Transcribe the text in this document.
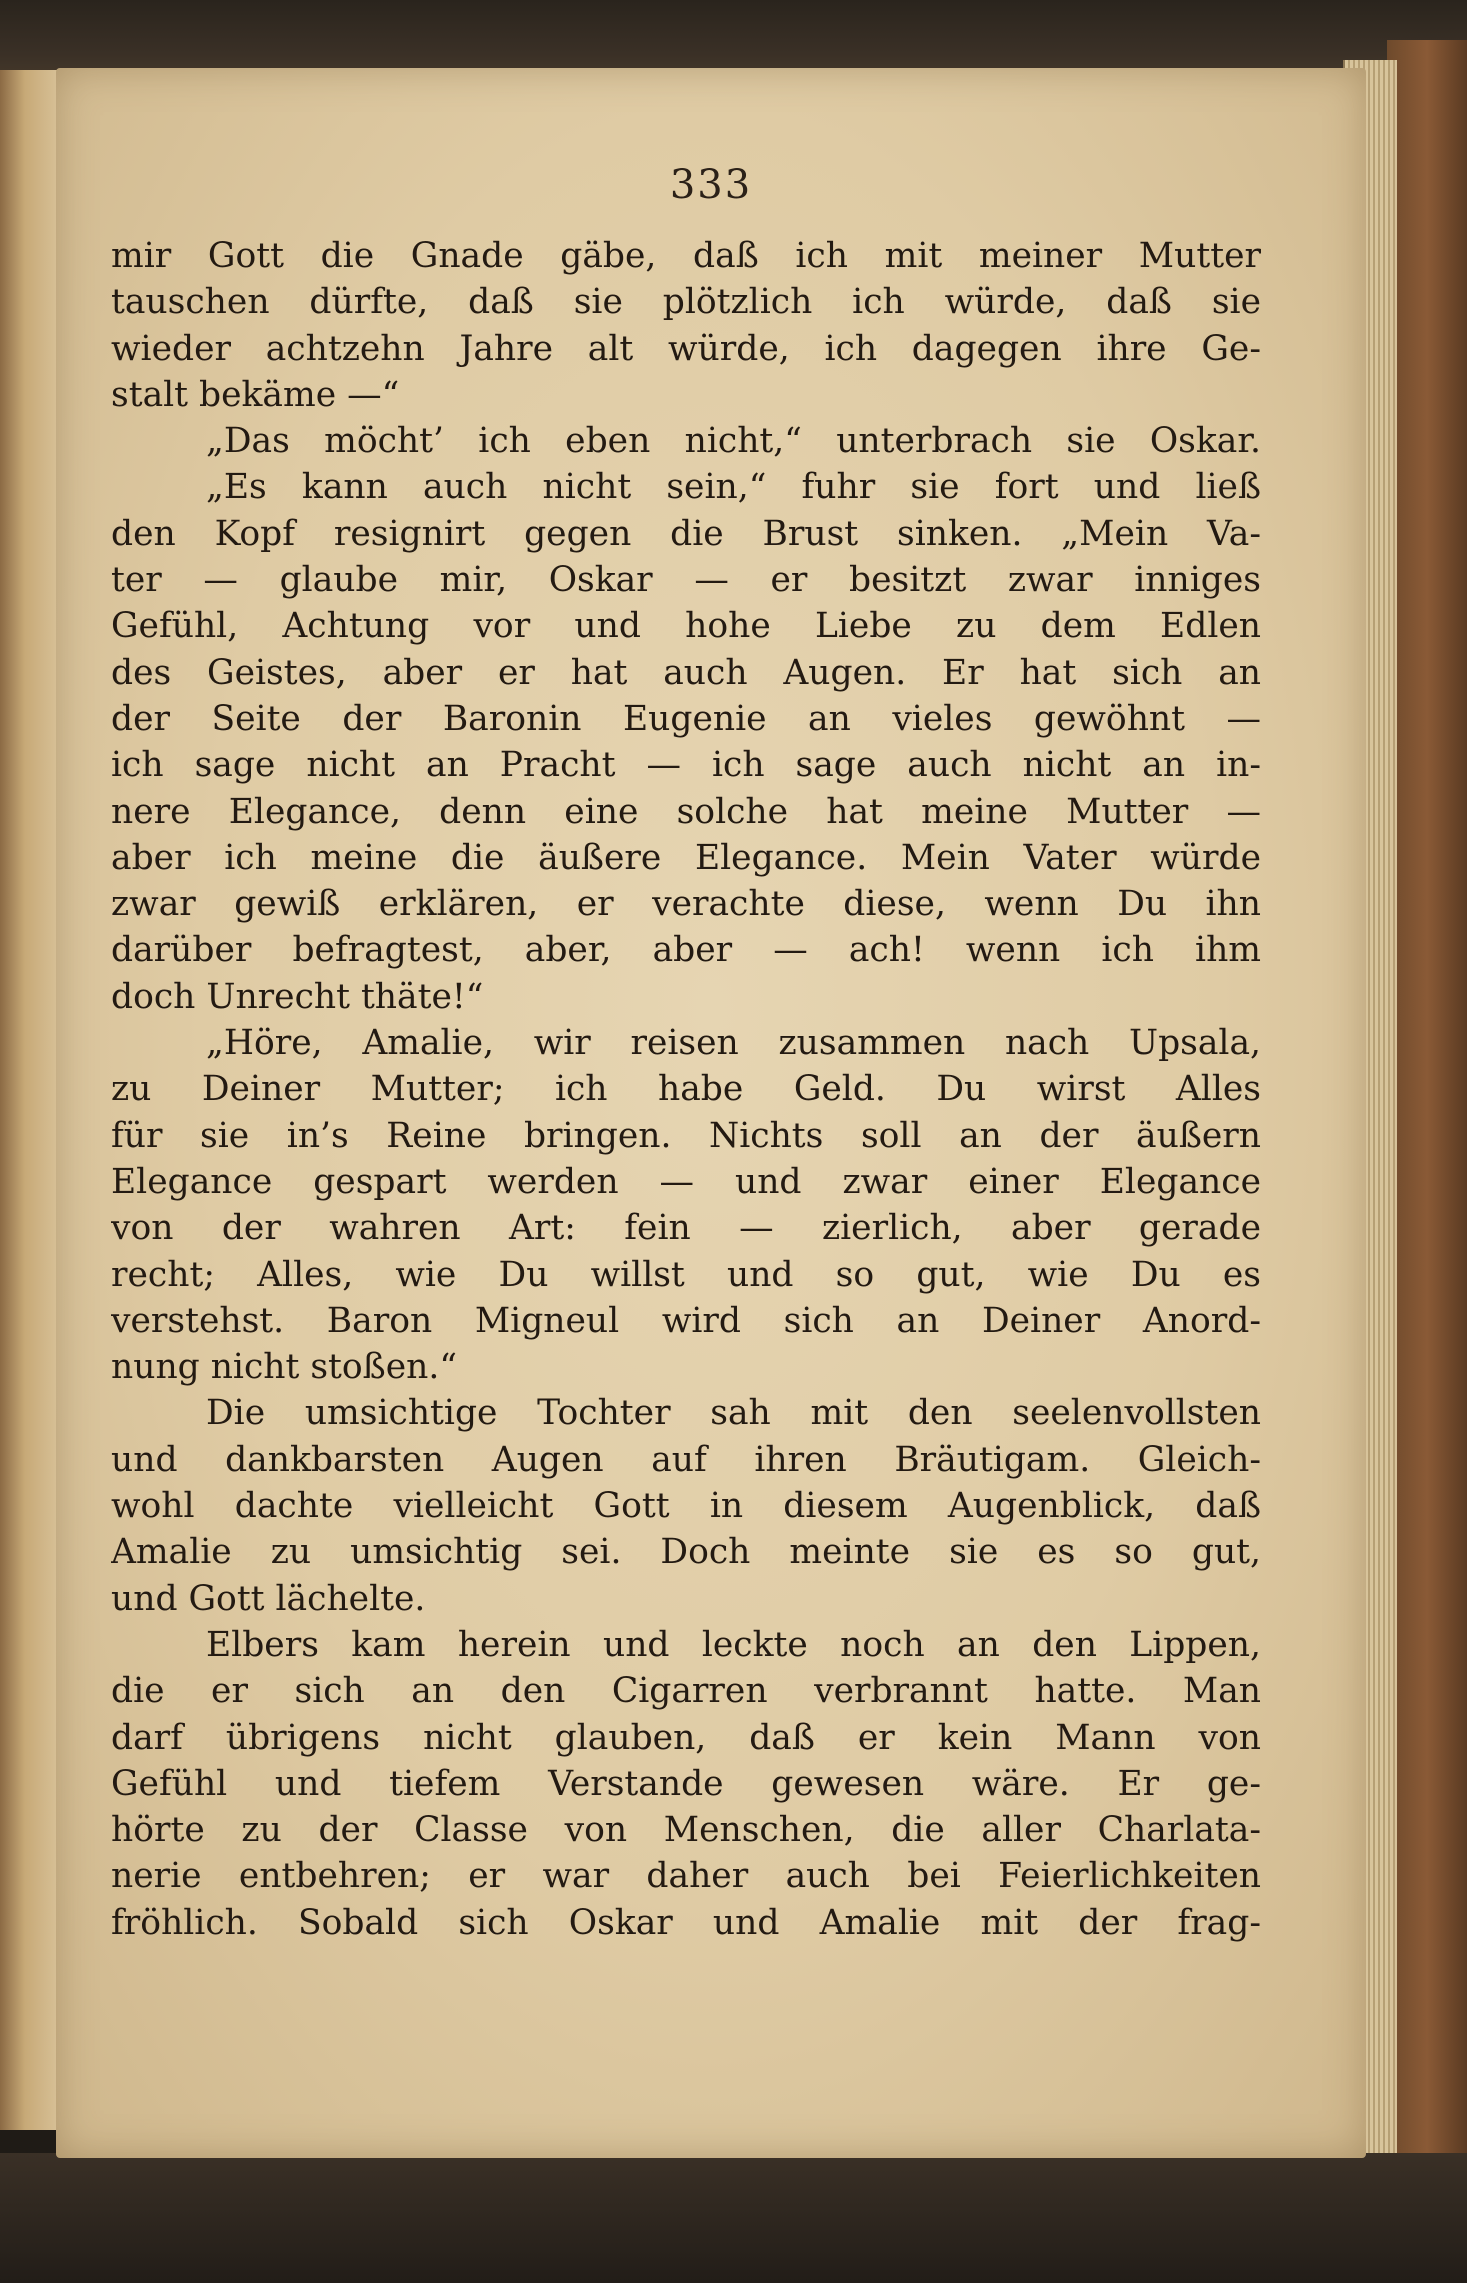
333
mir Gott die Gnade gäbe, daß ich mit meiner Mutter
tauschen dürfte, daß sie plötzlich ich würde, daß sie
wieder achtzehn Jahre alt würde, ich dagegen ihre Ge-
stalt bekäme —“
„Das möcht’ ich eben nicht,“ unterbrach sie Oskar.
„Es kann auch nicht sein,“ fuhr sie fort und ließ
den Kopf resignirt gegen die Brust sinken. „Mein Va-
ter — glaube mir, Oskar — er besitzt zwar inniges
Gefühl, Achtung vor und hohe Liebe zu dem Edlen
des Geistes, aber er hat auch Augen. Er hat sich an
der Seite der Baronin Eugenie an vieles gewöhnt —
ich sage nicht an Pracht — ich sage auch nicht an in-
nere Elegance, denn eine solche hat meine Mutter —
aber ich meine die äußere Elegance. Mein Vater würde
zwar gewiß erklären, er verachte diese, wenn Du ihn
darüber befragtest, aber, aber — ach! wenn ich ihm
doch Unrecht thäte!“
„Höre, Amalie, wir reisen zusammen nach Upsala,
zu Deiner Mutter; ich habe Geld. Du wirst Alles
für sie in’s Reine bringen. Nichts soll an der äußern
Elegance gespart werden — und zwar einer Elegance
von der wahren Art: fein — zierlich, aber gerade
recht; Alles, wie Du willst und so gut, wie Du es
verstehst. Baron Migneul wird sich an Deiner Anord-
nung nicht stoßen.“
Die umsichtige Tochter sah mit den seelenvollsten
und dankbarsten Augen auf ihren Bräutigam. Gleich-
wohl dachte vielleicht Gott in diesem Augenblick, daß
Amalie zu umsichtig sei. Doch meinte sie es so gut,
und Gott lächelte.
Elbers kam herein und leckte noch an den Lippen,
die er sich an den Cigarren verbrannt hatte. Man
darf übrigens nicht glauben, daß er kein Mann von
Gefühl und tiefem Verstande gewesen wäre. Er ge-
hörte zu der Classe von Menschen, die aller Charlata-
nerie entbehren; er war daher auch bei Feierlichkeiten
fröhlich. Sobald sich Oskar und Amalie mit der frag-
